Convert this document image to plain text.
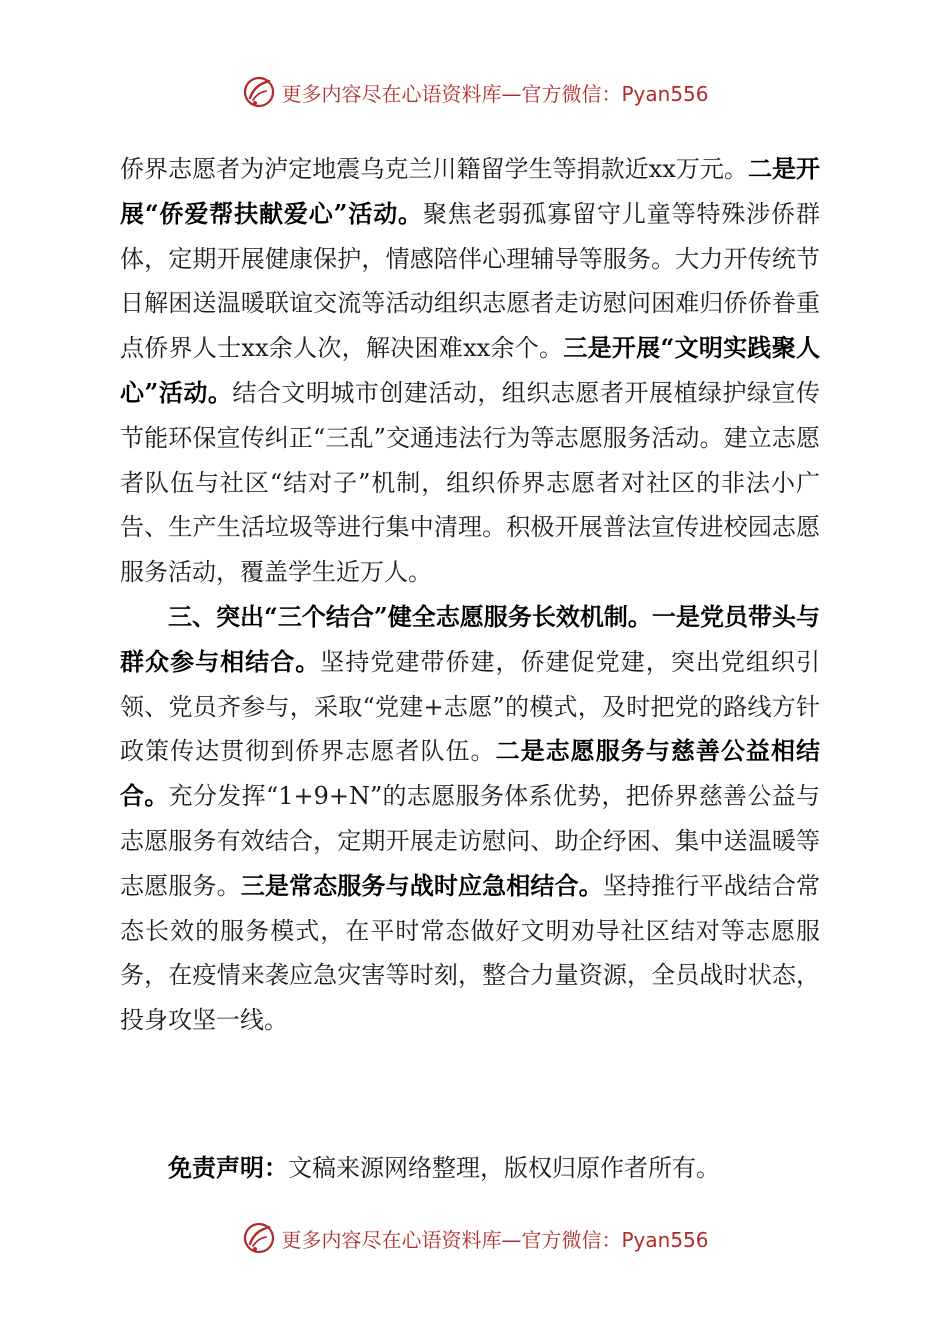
更多内容尽在心语资料库—官方微信：Pyan556

侨界志愿者为泸定地震乌克兰川籍留学生等捐款近xx万元。二是开展“侨爱帮扶献爱心”活动。聚焦老弱孤寡留守儿童等特殊涉侨群体，定期开展健康保护，情感陪伴心理辅导等服务。大力开传统节日解困送温暖联谊交流等活动组织志愿者走访慰问困难归侨侨眷重点侨界人士xx余人次，解决困难xx余个。三是开展“文明实践聚人心”活动。结合文明城市创建活动，组织志愿者开展植绿护绿宣传节能环保宣传纠正“三乱”交通违法行为等志愿服务活动。建立志愿者队伍与社区“结对子”机制，组织侨界志愿者对社区的非法小广告、生产生活垃圾等进行集中清理。积极开展普法宣传进校园志愿服务活动，覆盖学生近万人。

三、突出“三个结合”健全志愿服务长效机制。一是党员带头与群众参与相结合。坚持党建带侨建，侨建促党建，突出党组织引领、党员齐参与，采取“党建+志愿”的模式，及时把党的路线方针政策传达贯彻到侨界志愿者队伍。二是志愿服务与慈善公益相结合。充分发挥“1+9+N”的志愿服务体系优势，把侨界慈善公益与志愿服务有效结合，定期开展走访慰问、助企纾困、集中送温暖等志愿服务。三是常态服务与战时应急相结合。坚持推行平战结合常态长效的服务模式，在平时常态做好文明劝导社区结对等志愿服务，在疫情来袭应急灾害等时刻，整合力量资源，全员战时状态，投身攻坚一线。

免责声明：文稿来源网络整理，版权归原作者所有。
更多内容尽在心语资料库—官方微信：Pyan556
